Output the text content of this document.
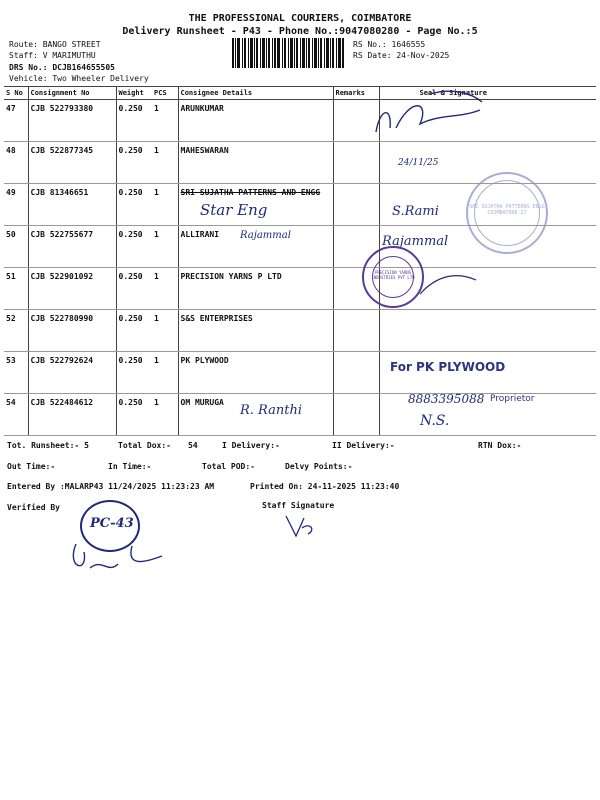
THE PROFESSIONAL COURIERS, COIMBATORE
Delivery Runsheet - P43 - Phone No.:9047080280 - Page No.:5
Route: BANGO STREET
Staff: V MARIMUTHU
DRS No.: DCJB164655505
Vehicle: Two Wheeler Delivery
RS No.: 1646555
RS Date: 24-Nov-2025
S No	Consignment No	Weight	PCS	Consignee Details	Remarks	Seal & Signature
47	CJB 522793380	0.250	1	ARUNKUMAR		
48	CJB 522877345	0.250	1	MAHESWARAN		
49	CJB 81346651	0.250	1	SRI SUJATHA PATTERNS AND ENGG		
50	CJB 522755677	0.250	1	ALLIRANI		
51	CJB 522901092	0.250	1	PRECISION YARNS P LTD		
52	CJB 522780990	0.250	1	S&S ENTERPRISES		
53	CJB 522792624	0.250	1	PK PLYWOOD		
54	CJB 522484612	0.250	1	OM MURUGA		
24/11/25
Star Eng	S.Rami	SRI SUJATHA PATTERNS ENGG COIMBATORE-27
Rajammal	Rajammal
PRECISION YARNS INDUSTRIES PVT LTD
For PK PLYWOOD
8883395088 Proprietor
R. Ranthi
N.S.
Tot. Runsheet:- 5	Total Dox:- 54	I Delivery:-	II Delivery:-	RTN Dox:-
Out Time:-	In Time:-	Total POD:-	Delvy Points:-
Entered By :MALARP43 11/24/2025 11:23:23 AM	Printed On: 24-11-2025 11:23:40
Verified By	Staff Signature
PC-43
